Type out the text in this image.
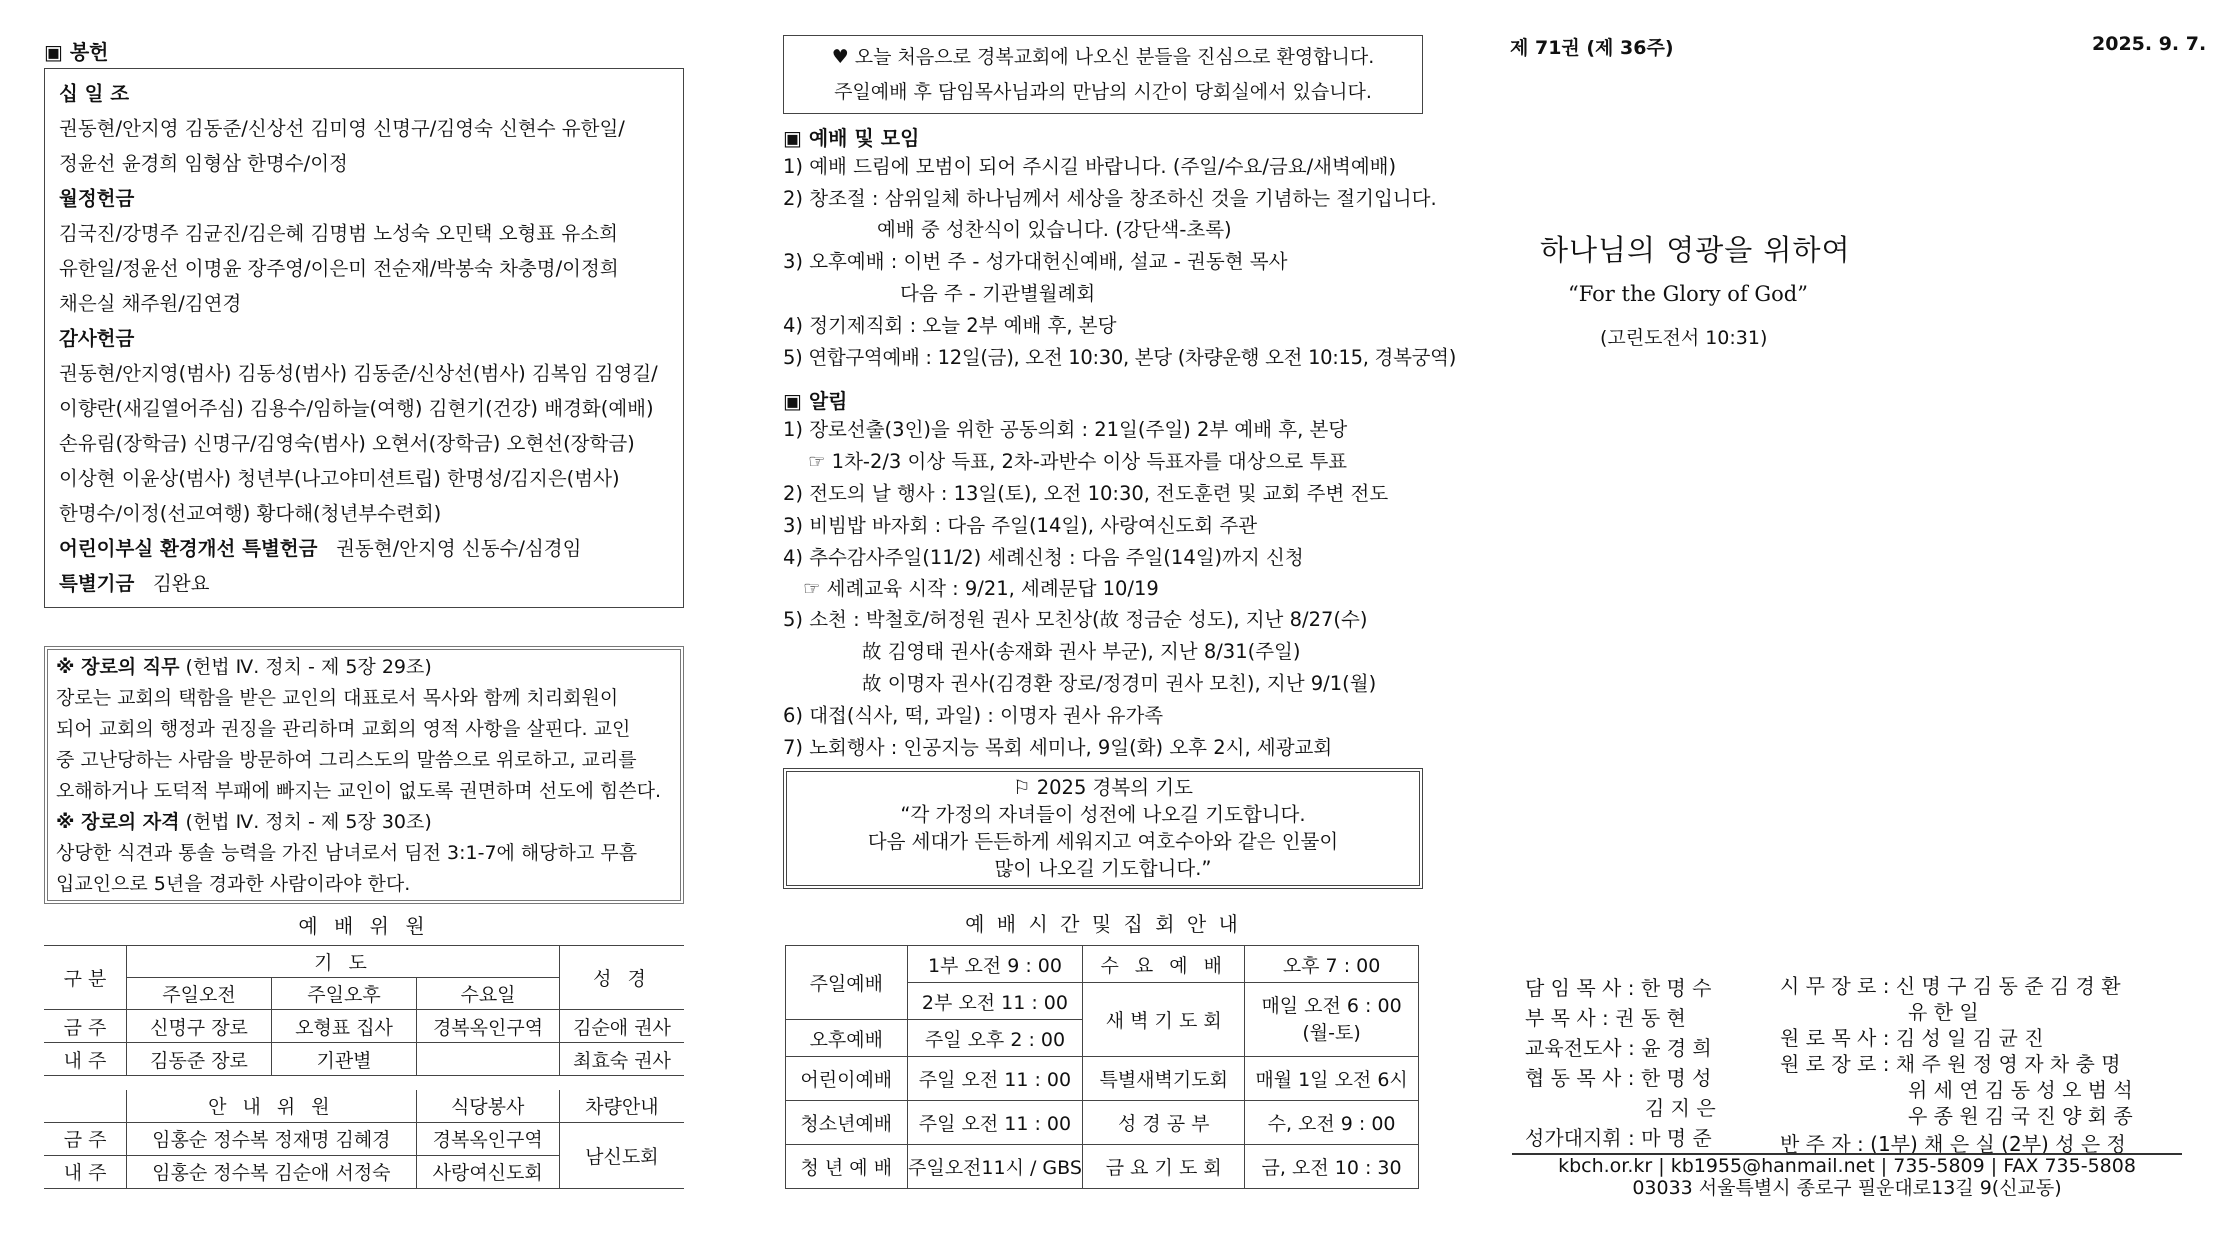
▣ 봉헌
십 일 조
권동현/안지영 김동준/신상선 김미영 신명구/김영숙 신현수 유한일/
정윤선 윤경희 임형삼 한명수/이정
월정헌금
김국진/강명주 김균진/김은혜 김명범 노성숙 오민택 오형표 유소희
유한일/정윤선 이명윤 장주영/이은미 전순재/박봉숙 차충명/이정희
채은실 채주원/김연경
감사헌금
권동현/안지영(범사) 김동성(범사) 김동준/신상선(범사) 김복임 김영길/
이향란(새길열어주심) 김용수/임하늘(여행) 김현기(건강) 배경화(예배)
손유림(장학금) 신명구/김영숙(범사) 오현서(장학금) 오현선(장학금)
이상현 이윤상(범사) 청년부(나고야미션트립) 한명성/김지은(범사)
한명수/이정(선교여행) 황다해(청년부수련회)
어린이부실 환경개선 특별헌금 권동현/안지영 신동수/심경임
특별기금 김완요
※ 장로의 직무 (헌법 Ⅳ. 정치 - 제 5장 29조)
장로는 교회의 택함을 받은 교인의 대표로서 목사와 함께 치리회원이
되어 교회의 행정과 권징을 관리하며 교회의 영적 사항을 살핀다. 교인
중 고난당하는 사람을 방문하여 그리스도의 말씀으로 위로하고, 교리를
오해하거나 도덕적 부패에 빠지는 교인이 없도록 권면하며 선도에 힘쓴다.
※ 장로의 자격 (헌법 Ⅳ. 정치 - 제 5장 30조)
상당한 식견과 통솔 능력을 가진 남녀로서 딤전 3:1-7에 해당하고 무흠
입교인으로 5년을 경과한 사람이라야 한다.
예 배 위 원
구 분	기 도			성 경
	주일오전	주일오후	수요일	
금 주	신명구 장로	오형표 집사	경복옥인구역	김순애 권사
내 주	김동준 장로	기관별		최효숙 권사
	안 내 위 원	식당봉사	차량안내
금 주	임홍순 정수복 정재명 김혜경	경복옥인구역	남신도회
내 주	임홍순 정수복 김순애 서정숙	사랑여신도회	
♥ 오늘 처음으로 경복교회에 나오신 분들을 진심으로 환영합니다.
주일예배 후 담임목사님과의 만남의 시간이 당회실에서 있습니다.
▣ 예배 및 모임
1) 예배 드림에 모범이 되어 주시길 바랍니다. (주일/수요/금요/새벽예배)
2) 창조절 : 삼위일체 하나님께서 세상을 창조하신 것을 기념하는 절기입니다.
예배 중 성찬식이 있습니다. (강단색-초록)
3) 오후예배 : 이번 주 - 성가대헌신예배, 설교 - 권동현 목사
다음 주 - 기관별월례회
4) 정기제직회 : 오늘 2부 예배 후, 본당
5) 연합구역예배 : 12일(금), 오전 10:30, 본당 (차량운행 오전 10:15, 경복궁역)
▣ 알림
1) 장로선출(3인)을 위한 공동의회 : 21일(주일) 2부 예배 후, 본당
☞ 1차-2/3 이상 득표, 2차-과반수 이상 득표자를 대상으로 투표
2) 전도의 날 행사 : 13일(토), 오전 10:30, 전도훈련 및 교회 주변 전도
3) 비빔밥 바자회 : 다음 주일(14일), 사랑여신도회 주관
4) 추수감사주일(11/2) 세례신청 : 다음 주일(14일)까지 신청
☞ 세례교육 시작 : 9/21, 세례문답 10/19
5) 소천 : 박철호/허정원 권사 모친상(故 정금순 성도), 지난 8/27(수)
故 김영태 권사(송재화 권사 부군), 지난 8/31(주일)
故 이명자 권사(김경환 장로/정경미 권사 모친), 지난 9/1(월)
6) 대접(식사, 떡, 과일) : 이명자 권사 유가족
7) 노회행사 : 인공지능 목회 세미나, 9일(화) 오후 2시, 세광교회
⚐ 2025 경복의 기도
“각 가정의 자녀들이 성전에 나오길 기도합니다.
다음 세대가 든든하게 세워지고 여호수아와 같은 인물이
많이 나오길 기도합니다.”
예 배 시 간 및 집 회 안 내
주일예배	1부 오전 9 : 00	수 요 예 배	오후 7 : 00
	2부 오전 11 : 00	새 벽 기 도 회	매일 오전 6 : 00
(월-토)

오후예배	주일 오후 2 : 00		
어린이예배	주일 오전 11 : 00	특별새벽기도회	매월 1일 오전 6시
청소년예배	주일 오전 11 : 00	성 경 공 부	수, 오전 9 : 00
청 년 예 배	주일오전11시 / GBS	금 요 기 도 회	금, 오전 10 : 30
제 71권 (제 36주)	2025. 9. 7.
하나님의 영광을 위하여
“For the Glory of God”
(고린도전서 10:31)
담 임 목 사 : 한 명 수
부 목 사 : 권 동 현
교육전도사 : 윤 경 희
협 동 목 사 : 한 명 성
김 지 은
성가대지휘 : 마 명 준
시 무 장 로 : 신 명 구 김 동 준 김 경 환
유 한 일
원 로 목 사 : 김 성 일 김 균 진
원 로 장 로 : 채 주 원 정 영 자 차 충 명
위 세 연 김 동 성 오 범 석
우 종 원 김 국 진 양 회 종
반 주 자 : (1부) 채 은 실 (2부) 성 은 정
kbch.or.kr | kb1955@hanmail.net | 735-5809 | FAX 735-5808
03033 서울특별시 종로구 필운대로13길 9(신교동)
